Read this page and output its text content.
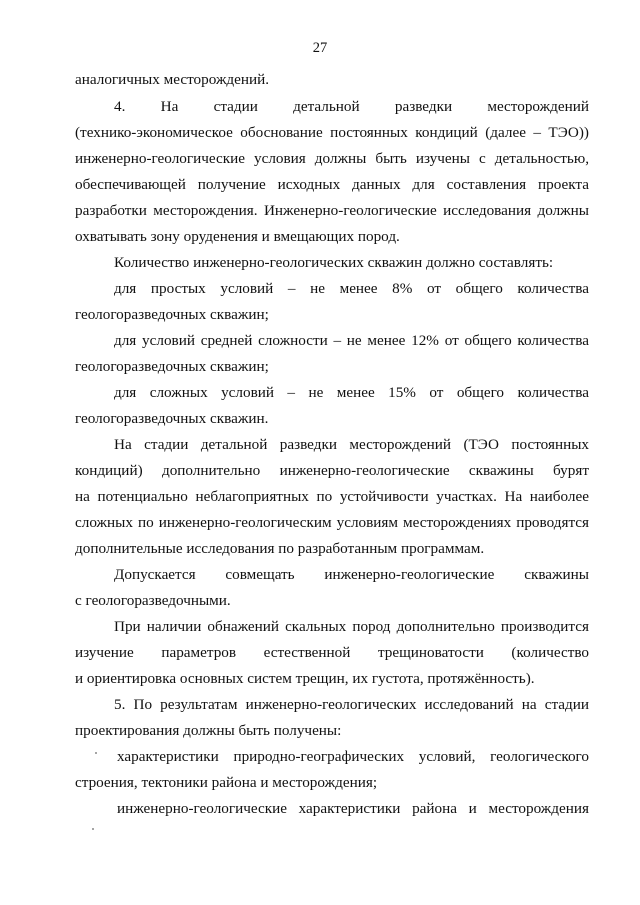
27
аналогичных месторождений.
4. На стадии детальной разведки месторождений
(технико-экономическое обоснование постоянных кондиций (далее – ТЭО))
инженерно-геологические условия должны быть изучены с детальностью,
обеспечивающей получение исходных данных для составления проекта
разработки месторождения. Инженерно-геологические исследования должны
охватывать зону оруденения и вмещающих пород.
Количество инженерно-геологических скважин должно составлять:
для простых условий – не менее 8% от общего количества
геологоразведочных скважин;
для условий средней сложности – не менее 12% от общего количества
геологоразведочных скважин;
для сложных условий – не менее 15% от общего количества
геологоразведочных скважин.
На стадии детальной разведки месторождений (ТЭО постоянных
кондиций) дополнительно инженерно-геологические скважины бурят
на потенциально неблагоприятных по устойчивости участках. На наиболее
сложных по инженерно-геологическим условиям месторождениях проводятся
дополнительные исследования по разработанным программам.
Допускается совмещать инженерно-геологические скважины
с геологоразведочными.
При наличии обнажений скальных пород дополнительно производится
изучение параметров естественной трещиноватости (количество
и ориентировка основных систем трещин, их густота, протяжённость).
5. По результатам инженерно-геологических исследований на стадии
проектирования должны быть получены:
характеристики природно-географических условий, геологического
строения, тектоники района и месторождения;
инженерно-геологические характеристики района и месторождения
